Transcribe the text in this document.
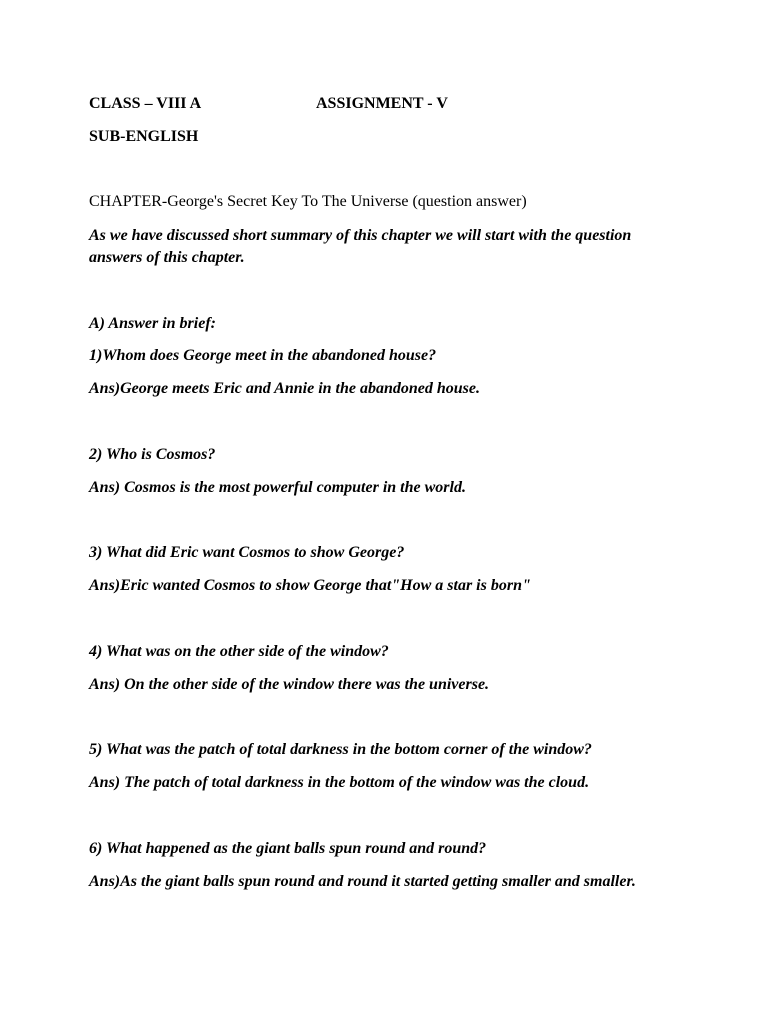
CLASS – VIII A	ASSIGNMENT - V
SUB-ENGLISH
CHAPTER-George's Secret Key To The Universe (question answer)
As we have discussed short summary of this chapter we will start with the question answers of this chapter.
A) Answer in brief:
1)Whom does George meet in the abandoned house?
Ans)George meets Eric and Annie in the abandoned house.
2) Who is Cosmos?
Ans) Cosmos is the most powerful computer in the world.
3) What did Eric want Cosmos to show George?
Ans)Eric wanted Cosmos to show George that"How a star is born"
4) What was on the other side of the window?
Ans) On the other side of the window there was the universe.
5) What was the patch of total darkness in the bottom corner of the window?
Ans) The patch of total darkness in the bottom of the window was the cloud.
6) What happened as the giant balls spun round and round?
Ans)As the giant balls spun round and round it started getting smaller and smaller.
